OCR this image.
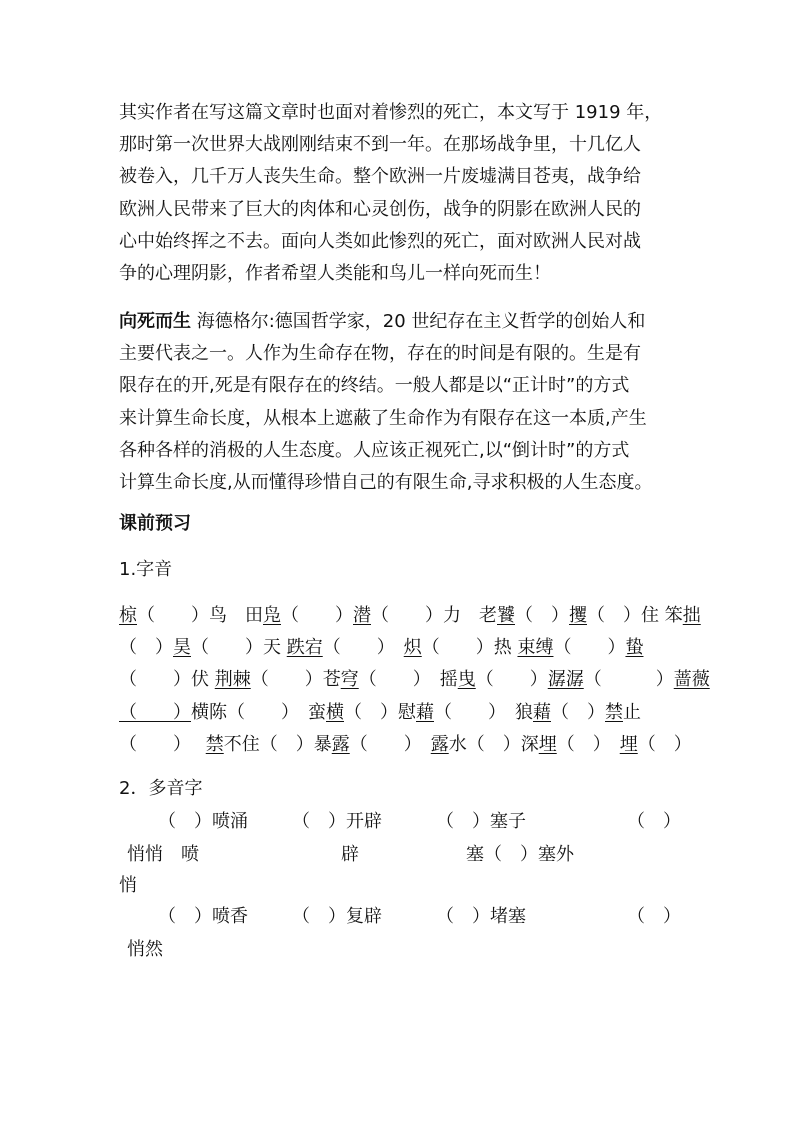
其实作者在写这篇文章时也面对着惨烈的死亡，本文写于 1919 年，
那时第一次世界大战刚刚结束不到一年。在那场战争里，十几亿人
被卷入，几千万人丧失生命。整个欧洲一片废墟满目苍夷，战争给
欧洲人民带来了巨大的肉体和心灵创伤，战争的阴影在欧洲人民的
心中始终挥之不去。面向人类如此惨烈的死亡，面对欧洲人民对战
争的心理阴影，作者希望人类能和鸟儿一样向死而生！
向死而生 海德格尔:德国哲学家，20 世纪存在主义哲学的创始人和
主要代表之一。人作为生命存在物，存在的时间是有限的。生是有
限存在的开,死是有限存在的终结。一般人都是以“正计时”的方式
来计算生命长度，从根本上遮蔽了生命作为有限存在这一本质,产生
各种各样的消极的人生态度。人应该正视死亡,以“倒计时”的方式
计算生命长度,从而懂得珍惜自己的有限生命,寻求积极的人生态度。
课前预习
1.字音
椋（　　）鸟　田凫（　　）潜（　　）力　老饕（　）攫（　）住 笨拙
（　）昊（　　）天 跌宕（　　）　炽（　　）热 束缚（　　）蛰
（　　）伏 荆棘（　　）苍穹（　　）　摇曳（　　）潺潺（　　　）蔷薇
（　　）横陈（　　）　蛮横（　）慰藉（　　）　狼藉（　）禁止
（　　）　 禁不住（　）暴露（　　）　露水（　）深埋（　）　埋（　）
2．多音字
（　）喷涌 （　）开辟	（　）塞子	（　）
悄悄 喷	辟	塞（　）塞外
悄
（　）喷香 （　）复辟	（　）堵塞	（　）
悄然
